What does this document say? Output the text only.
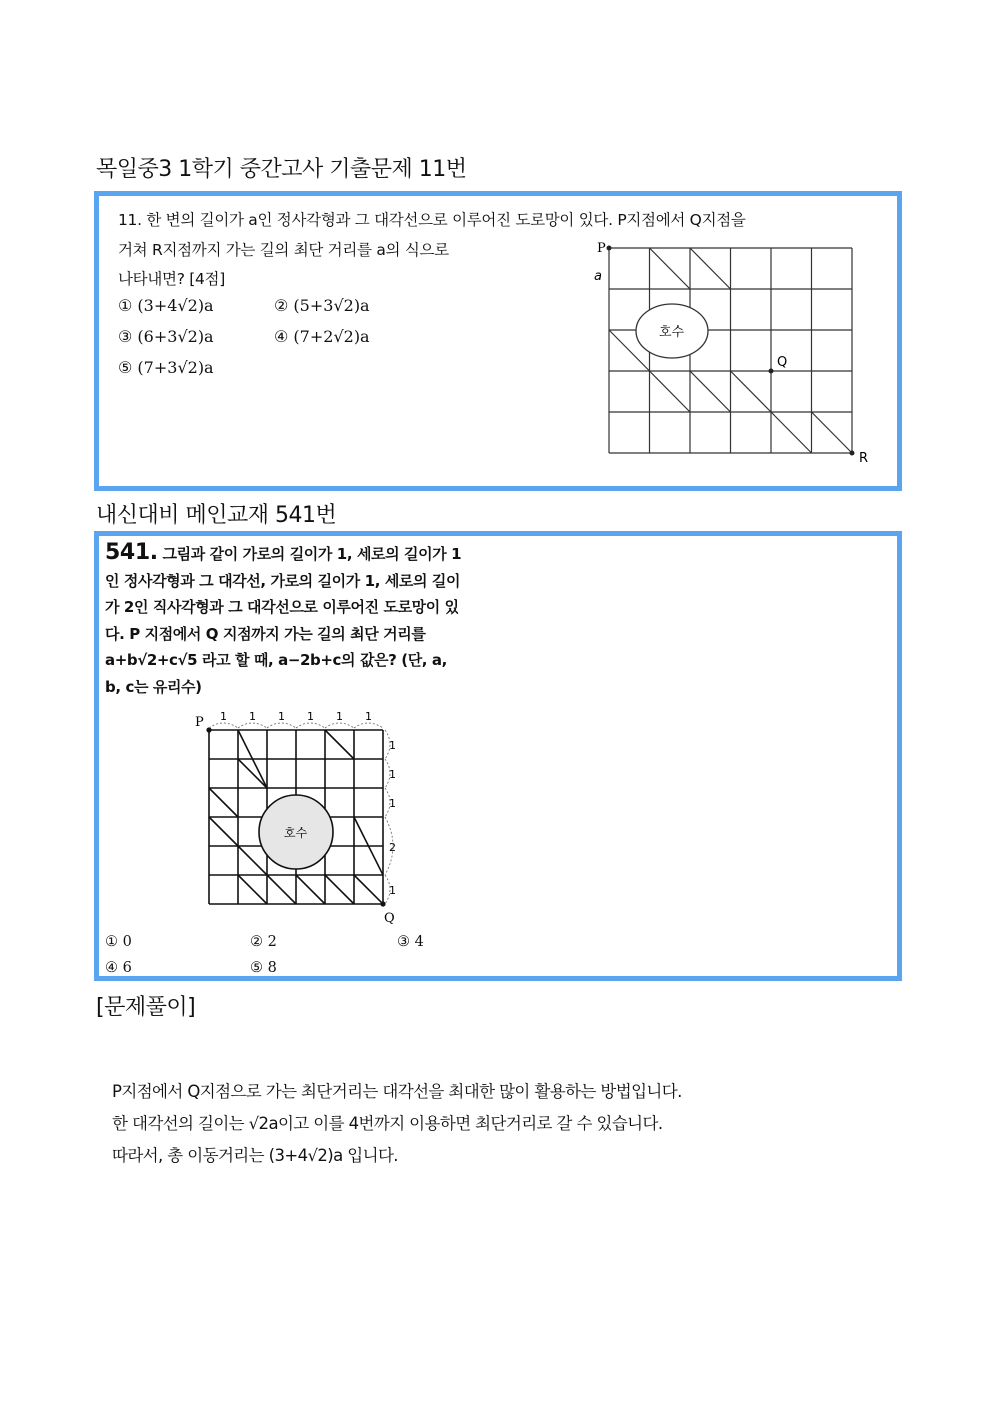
목일중3 1학기 중간고사 기출문제 11번
11. 한 변의 길이가 a인 정사각형과 그 대각선으로 이루어진 도로망이 있다. P지점에서 Q지점을
거쳐 R지점까지 가는 길의 최단 거리를 a의 식으로
나타내면? [4점]
① (3+4√2)a	② (5+3√2)a
③ (6+3√2)a	④ (7+2√2)a
⑤ (7+3√2)a
호수
P
a
Q
R
내신대비 메인교재 541번
541. 그림과 같이 가로의 길이가 1, 세로의 길이가 1
인 정사각형과 그 대각선, 가로의 길이가 1, 세로의 길이
가 2인 직사각형과 그 대각선으로 이루어진 도로망이 있
다. P 지점에서 Q 지점까지 가는 길의 최단 거리를
a+b√2+c√5 라고 할 때, a−2b+c의 값은? (단, a,
b, c는 유리수)
호수
P
Q
1 1 1 1 1 1
1
1
1
2
1
① 0	② 2	③ 4
④ 6	⑤ 8
[문제풀이]
P지점에서 Q지점으로 가는 최단거리는 대각선을 최대한 많이 활용하는 방법입니다.
한 대각선의 길이는 √2a이고 이를 4번까지 이용하면 최단거리로 갈 수 있습니다.
따라서, 총 이동거리는 (3+4√2)a 입니다.
